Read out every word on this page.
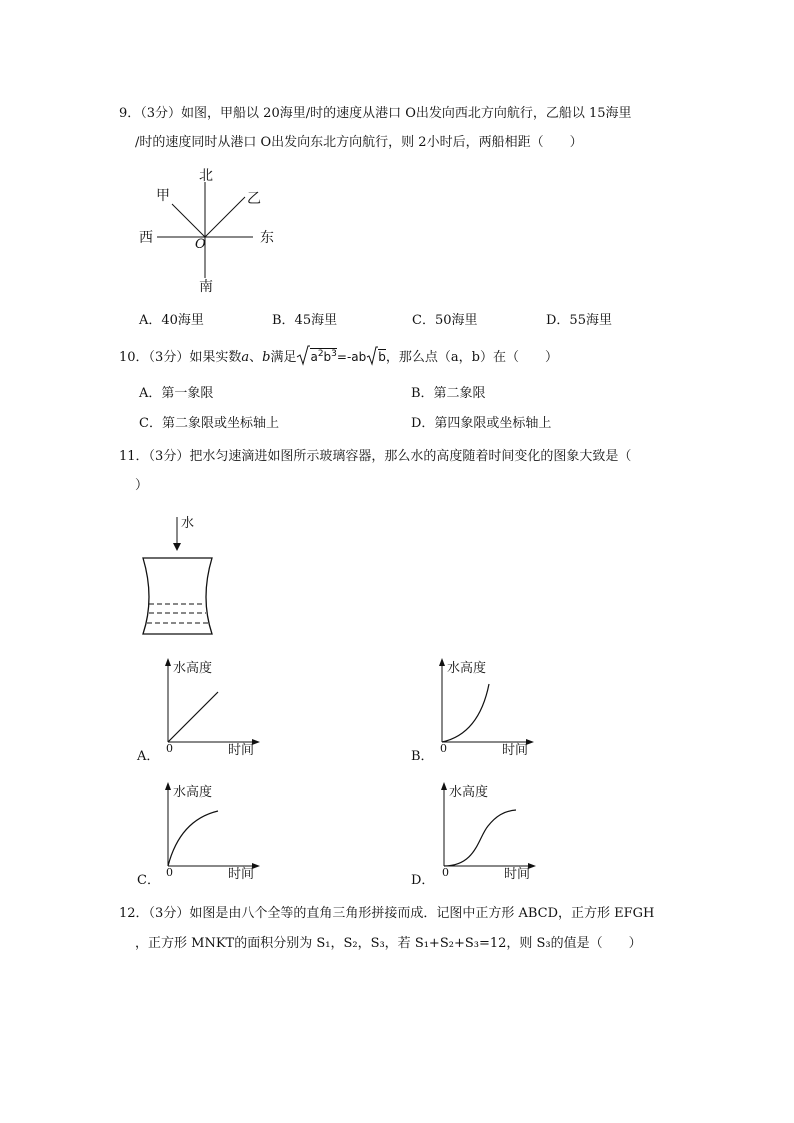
9．（3分）如图，甲船以 20海里/时的速度从港口 O出发向西北方向航行，乙船以 15海里
/时的速度同时从港口 O出发向东北方向航行，则 2小时后，两船相距（　　）
北
南
西	东
甲	乙
O
A．40海里	B．45海里	C．50海里	D．55海里
10．（3分）如果实数a、b满足 $a^2b^3=-ab$ b，那么点（a，b）在（　　）
A．第一象限	B．第二象限
C．第二象限或坐标轴上	D．第四象限或坐标轴上
11．（3分）把水匀速滴进如图所示玻璃容器，那么水的高度随着时间变化的图象大致是（
）
水
水高度
时间
0
A．
水高度
时间
0
B．
水高度
时间
0
C．
水高度
时间
0
D．
12．（3分）如图是由八个全等的直角三角形拼接而成．记图中正方形 ABCD，正方形 EFGH
，正方形 MNKT的面积分别为 S₁，S₂，S₃，若 S₁+S₂+S₃=12，则 S₃的值是（　　）
